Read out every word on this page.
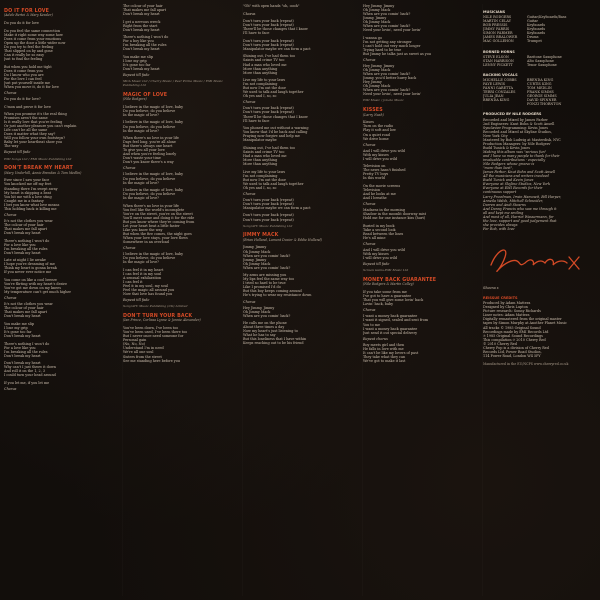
DO IT FOR LOVE
(Adele Bertei & Mary Kessler)
Do you do it for love
Do you feel the same connection
Make it right some way some how
Does it come from your emotions
Open up the door a little wider now
Do you try to feel the feeling
That slipped on by and gone
Can it really be so easy
Just to find the feeling
But when you hold me tight
Does it come from you
Do I know who you are
For the love I can feel
Just put yourself inside me
When you move it, do it for love
Chorus
Do you do it for love?
C'mon and prove it for love
When you promise it's the real thing
Promises aren't the same
Is it really love that you're feeling
Or just another pleasure you can't explain
Life can't be all the same
Does it matter what they say?
Will you follow your own footsteps?
Baby let your heartbeat show you
The way
Repeat till fade
EMI Songs Ltd / EMI Music Publishing Ltd
DON'T BREAK MY HEART
(Mary Underhill, Annie Brendan & Tom Medlin)
Ever since I saw your face
You knocked me off my feet
Standing there I'm swept away
My heart is skipping a beat
You hit me with a love sting
Caught me in a fantasy
I bet you know what love means
This holding back is killing me
Chorus
It's not the clothes you wear
The colour of your hair
That makes me fall apart
Don't break my heart
There's nothing I won't do
For a love like you
I'm breaking all the rules
Don't break my heart
Late at night I lie awake
I hope you're dreaming of me
Think my heart is gonna break
If you never ever notice me
You come on like a cool breeze
You're flirting with my heart's desire
You've got me down on my knees
My temperature can't get much higher
Chorus
It's not the clothes you wear
The colour of your hair
That makes me fall apart
Don't break my heart
You make me slip
I lose my grip
It's gone too far
Don't break my heart
There's nothing I won't do
For a love like you
I'm breaking all the rules
Don't break my heart
Don't break my heart
Why can't I just throw it down
And roll it on the 1, 2, 3
I could turn your head around
If you let me, if you let me
Chorus
The colour of your hair
That makes me fall apart
Don't break my heart
I get a nervous wreck
Right from the start
Don't break my heart
There's nothing I won't do
For a boy like you
I'm breaking all the rules
Don't break my heart
You make me slip
I lose my grip
It's gone too far
Don't break my heart
Repeat till fade
MCA Music Ltd / Cherry Music / Peer Prime Music / EMI Music Publishing Ltd
MAGIC OF LOVE
(Nile Rodgers)
I believe in the magic of love, baby
Do you believe, do you believe
In the magic of love?
I believe in the magic of love, baby
Do you believe, do you believe
In the magic of love?
When there's no love in your life
Days feel long, you're all alone
But there's always one heart
To give you all your love
And when you're feeling lonely
Don't waste your time
Don't you know there's a way
Chorus
I believe in the magic of love, baby
Do you believe, do you believe
In the magic of love?
I believe in the magic of love, baby
Do you believe, do you believe
In the magic of love?
When there's no love in your life
You feel like the world's incomplete
You're on the street, you're on the street
You'll meet some and doing it for the ride
But you know where they're coming from
Let your heart beat a little faster
Like you know the way
But when the fire comes, the night goes
When your love stays, your love flows
Somewhere in an overload
Chorus
I believe in the magic of love, baby
Do you believe, do you believe
In the magic of love?
I can feel it in my heart
I can feel it in my soul
A sensual exhilaration
I can feel it
Feel it in my soul, my soul
Feel the magic all around you
Now that love has found you
Repeat till fade
Sony/ATV Music Publishing (UK) Limited
DON'T TURN YOUR BACK
(Ian Prince, Corlissa Lynne & Jonnie Alexander)
You've been down, I've been too
You've been used, I've been there too
But I never once need someone for
Personal gain
(No, No, No)
Understand I'm in need
We're all one soul
Sisters from the street
See me standing here before you
"Oh" with open hands "oh, oooh"
Chorus
Don't turn your back (repeat)
Don't turn your back (repeat)
There'll be those changes that I know
I'll have to face
Don't turn your back (repeat)
Don't turn your back (repeat)
Manipulator maybe we can form a pact
Shining out, I've had them too
Saints and crime TV too
Had a man who loved me
More than anything
More than anything
Live my life to your laws
I'm not complaining
But now I'm out the door
We used to talk and laugh together
Oh yes and I, so, so
Chorus
Don't turn your back (repeat)
Don't turn your back (repeat)
There'll be those changes that I know
I'll have to face
You phoned me out without a warning
You knew that I'd be back and calling
Praying now forgive and help me
Manipulator maybe
Shining out, I've had them too
Saints and crime TV too
Had a man who loved me
More than anything
More than anything
Live my life to your laws
I'm not complaining
But now I'm out the door
We used to talk and laugh together
Oh yes and I, so, so
Chorus
Don't turn your back (repeat)
Don't turn your back (repeat)
Manipulator maybe we can form a pact
Don't turn your back (repeat)
Don't turn your back (repeat)
Sony/ATV Music Publishing Ltd
JIMMY MACK
(Brian Holland, Lamont Dozier & Eddie Holland)
Jimmy, Jimmy
Oh Jimmy Mack
When are you comin' back?
Jimmy, Jimmy
Oh Jimmy Mack
When are you comin' back?
My arms are missing you
My lips feel the same way too
I tried so hard to be true
Like I promised I'd do
But this boy keeps coming around
He's trying to wear my resistance down
Chorus
Hey Jimmy, Jimmy
Oh Jimmy Mack
When are you comin' back?
He calls me on the phone
About three times a day
Now my heart's just listening to
What he has to say
But this loneliness that I have within
Keeps reaching out to be his friend
Hey Jimmy, Jimmy
Oh Jimmy Mack
When are you comin' back?
Jimmy, Jimmy
Oh Jimmy Mack
When are you comin' back?
Need your lovin', need your lovin'
I wanna go
I'm not getting any stronger
I can't hold out very much longer
Trying hard to be true
But Jimmy he talks just as sweet as you
Chorus
Hey Jimmy, Jimmy
Oh Jimmy Mack
When are you comin' back?
Jimmy, you'd better hurry back
Hey Jimmy
Oh Jimmy Mack
When are you comin' back?
Need your lovin', need your lovin'
EMI Music / Jobete Music
KISSES
(Larry Nash)
Kisses
Turn on the radio
Play it soft and low
On a quiet road
We drive home
Chorus
And I will drive you wild
With my kisses
I will drive you wild
Television on
The news hasn't finished
Pretty TV boys
In this world
On the movie screens
Television
And he looks at me
And I breathe
Chorus
Madness in the morning
Shadow in the moonlit doorway mist
Hold me for one instance kiss (hurt)
Buried in my book
Take a second look
Read between the lines
He's all mine
Chorus
And I will drive you wild
With my kisses
I will drive you wild
Repeat till fade
Screen Gems-EMI Music Ltd
MONEY BACK GUARANTEE
(Nile Rodgers & Martin Colley)
If you take some from me
I've got to have a guarantee
That you will give some lovin' back
Lovin' back, baby
Chorus
I want a money back guarantee
I want it signed, sealed and sent from
You to me
I want a money back guarantee
Just send it out special delivery
Repeat chorus
Boy meets girl and then
He falls in love with me
It can't be like my lovers of past
They take what they can
We've got to make it last
MUSICIANS
NILE RODGERS	Guitar/Keyboards/Bass
MARTIN CELAY	Guitar
BOB PRESSIS	Keyboards
JIMMY FARRIS	Keyboards
SIMON FARMER	Keyboards
JAMES BRALOWER	Drums
MAC GOLLEHON	Trumpet
BORNED HORNS
STEVE ELSON	Baritone Saxophone
STAN HARRISON	Alto Saxophone
LENNY PICKETT	Tenor Saxophone
BACKING VOCALS
MICHELLE COBBS	BRENDA KING
FAYE LEWIS	CURTIS KING
FANNI GARETTA	TOM MEDLIN
TERRI CONZALES	FRANK SIMMS
JULIA JEAN	GEORGE SIMMS
BRENDA KING	DAVID SPINNER
FONZI THORNTON
PRODUCED BY NILE RODGERS
Recorded and Mixed by James Farber
2nd Engineers: Knut Bohn & Scott Ansell
Synclavier Programming: Kevin Jones
Recorded and Mixed at Skyline Studios,
New York City
Mastered by Bob Ludwig at Masterdisk, NYC
Production Managers: by Nile Rodgers'
Budd Tunick & Kevin Jones
Making this album was "serious fun"
and I have so many people to thank for their
invaluable contributions - especially
Nile Rodgers whose groove is
"more than best",
James Farber, Knut Bohn and Scott Ansell
All the musicians and writers involved
Budd Tunick and Kevin Jones
Everyone at Skyline Studios, New York
Everyone at EMI Records for their
continuous support
Larry Freedman, Irwin Hamowit, Bill Harper,
Anneila Walsh, Mitchell Schneider,
Darren and Andi Stearns
And Danny Francis who saw me through it
all and kept me smiling
And most of all, Harriet Wassermann, for
the love, support and good judgement that
she provides always
For Rob, with love
Sheena x
REISSUE CREDITS
Produced by Adam Mattera
Designed by Chris Lupton
Picture research: Sonny Richards
Liner notes: Adam Mattera
Digitally remastered from the original master
tapes by Simon Murphy at Another Planet Music
All tracks © 1985 Original Sound
Recordings made by EMI Records Ltd
℗ 1985 Original Sound Recordings
This compilation ℗ 2010 Cherry Red
© 2010 Cherry Red
Cherry Pop is a division of Cherry Red
Records Ltd, Power Road Studios,
114 Power Road, London W4 5PY
Manufactured in the EU/NCPS www.cherryred.co.uk
